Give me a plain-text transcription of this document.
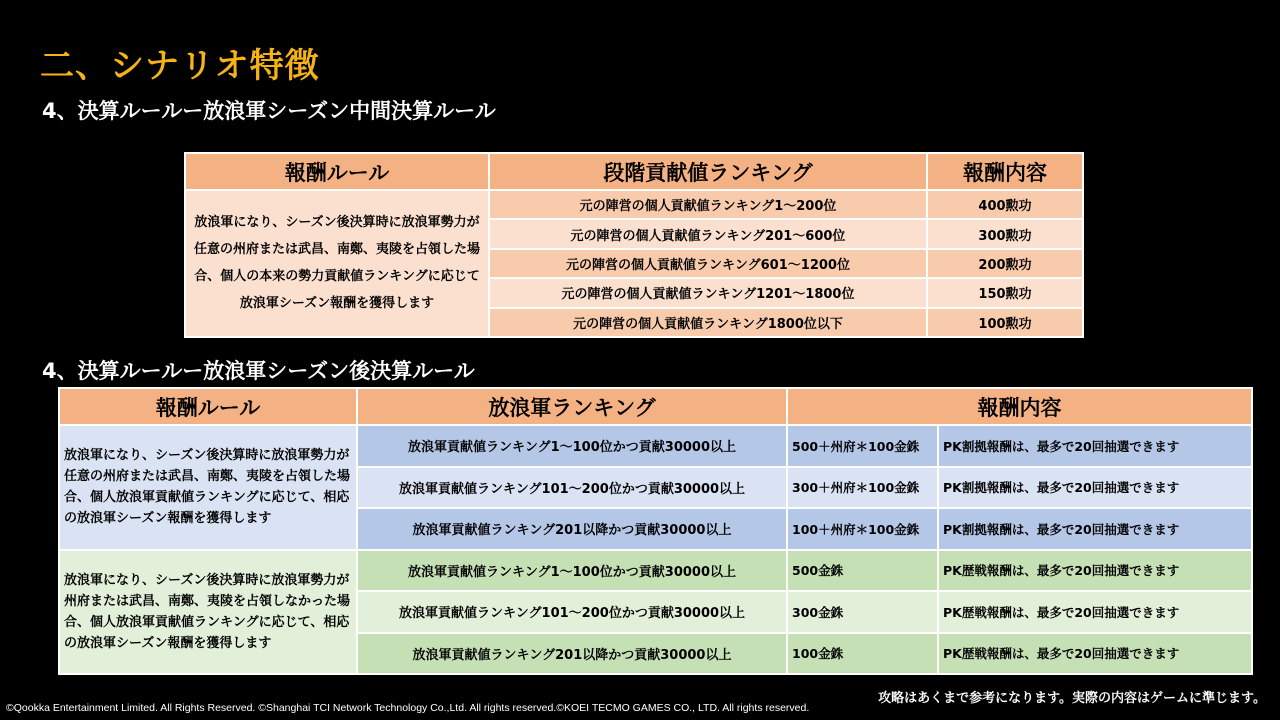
二、シナリオ特徴
4、決算ルールー放浪軍シーズン中間決算ルール
報酬ルール	段階貢献値ランキング	報酬内容
放浪軍になり、シーズン後決算時に放浪軍勢力が任意の州府または武昌、南鄭、夷陵を占領した場合、個人の本来の勢力貢献値ランキングに応じて放浪軍シーズン報酬を獲得します	元の陣営の個人貢献値ランキング1～200位	400勲功
	元の陣営の個人貢献値ランキング201～600位	300勲功
	元の陣営の個人貢献値ランキング601～1200位	200勲功
	元の陣営の個人貢献値ランキング1201～1800位	150勲功
	元の陣営の個人貢献値ランキング1800位以下	100勲功
4、決算ルールー放浪軍シーズン後決算ルール
報酬ルール	放浪軍ランキング	報酬内容	
放浪軍になり、シーズン後決算時に放浪軍勢力が任意の州府または武昌、南鄭、夷陵を占領した場合、個人放浪軍貢献値ランキングに応じて、相応の放浪軍シーズン報酬を獲得します	放浪軍貢献値ランキング1～100位かつ貢献30000以上	500＋州府＊100金銖	PK割拠報酬は、最多で20回抽選できます
	放浪軍貢献値ランキング101～200位かつ貢献30000以上	300＋州府＊100金銖	PK割拠報酬は、最多で20回抽選できます
	放浪軍貢献値ランキング201以降かつ貢献30000以上	100＋州府＊100金銖	PK割拠報酬は、最多で20回抽選できます
放浪軍になり、シーズン後決算時に放浪軍勢力が州府または武昌、南鄭、夷陵を占領しなかった場合、個人放浪軍貢献値ランキングに応じて、相応の放浪軍シーズン報酬を獲得します	放浪軍貢献値ランキング1～100位かつ貢献30000以上	500金銖	PK歴戦報酬は、最多で20回抽選できます
	放浪軍貢献値ランキング101～200位かつ貢献30000以上	300金銖	PK歴戦報酬は、最多で20回抽選できます
	放浪軍貢献値ランキング201以降かつ貢献30000以上	100金銖	PK歴戦報酬は、最多で20回抽選できます
攻略はあくまで参考になります。実際の内容はゲームに準じます。
©Qookka Entertainment Limited. All Rights Reserved. ©Shanghai TCI Network Technology Co.,Ltd. All rights reserved.©KOEI TECMO GAMES CO., LTD. All rights reserved.
